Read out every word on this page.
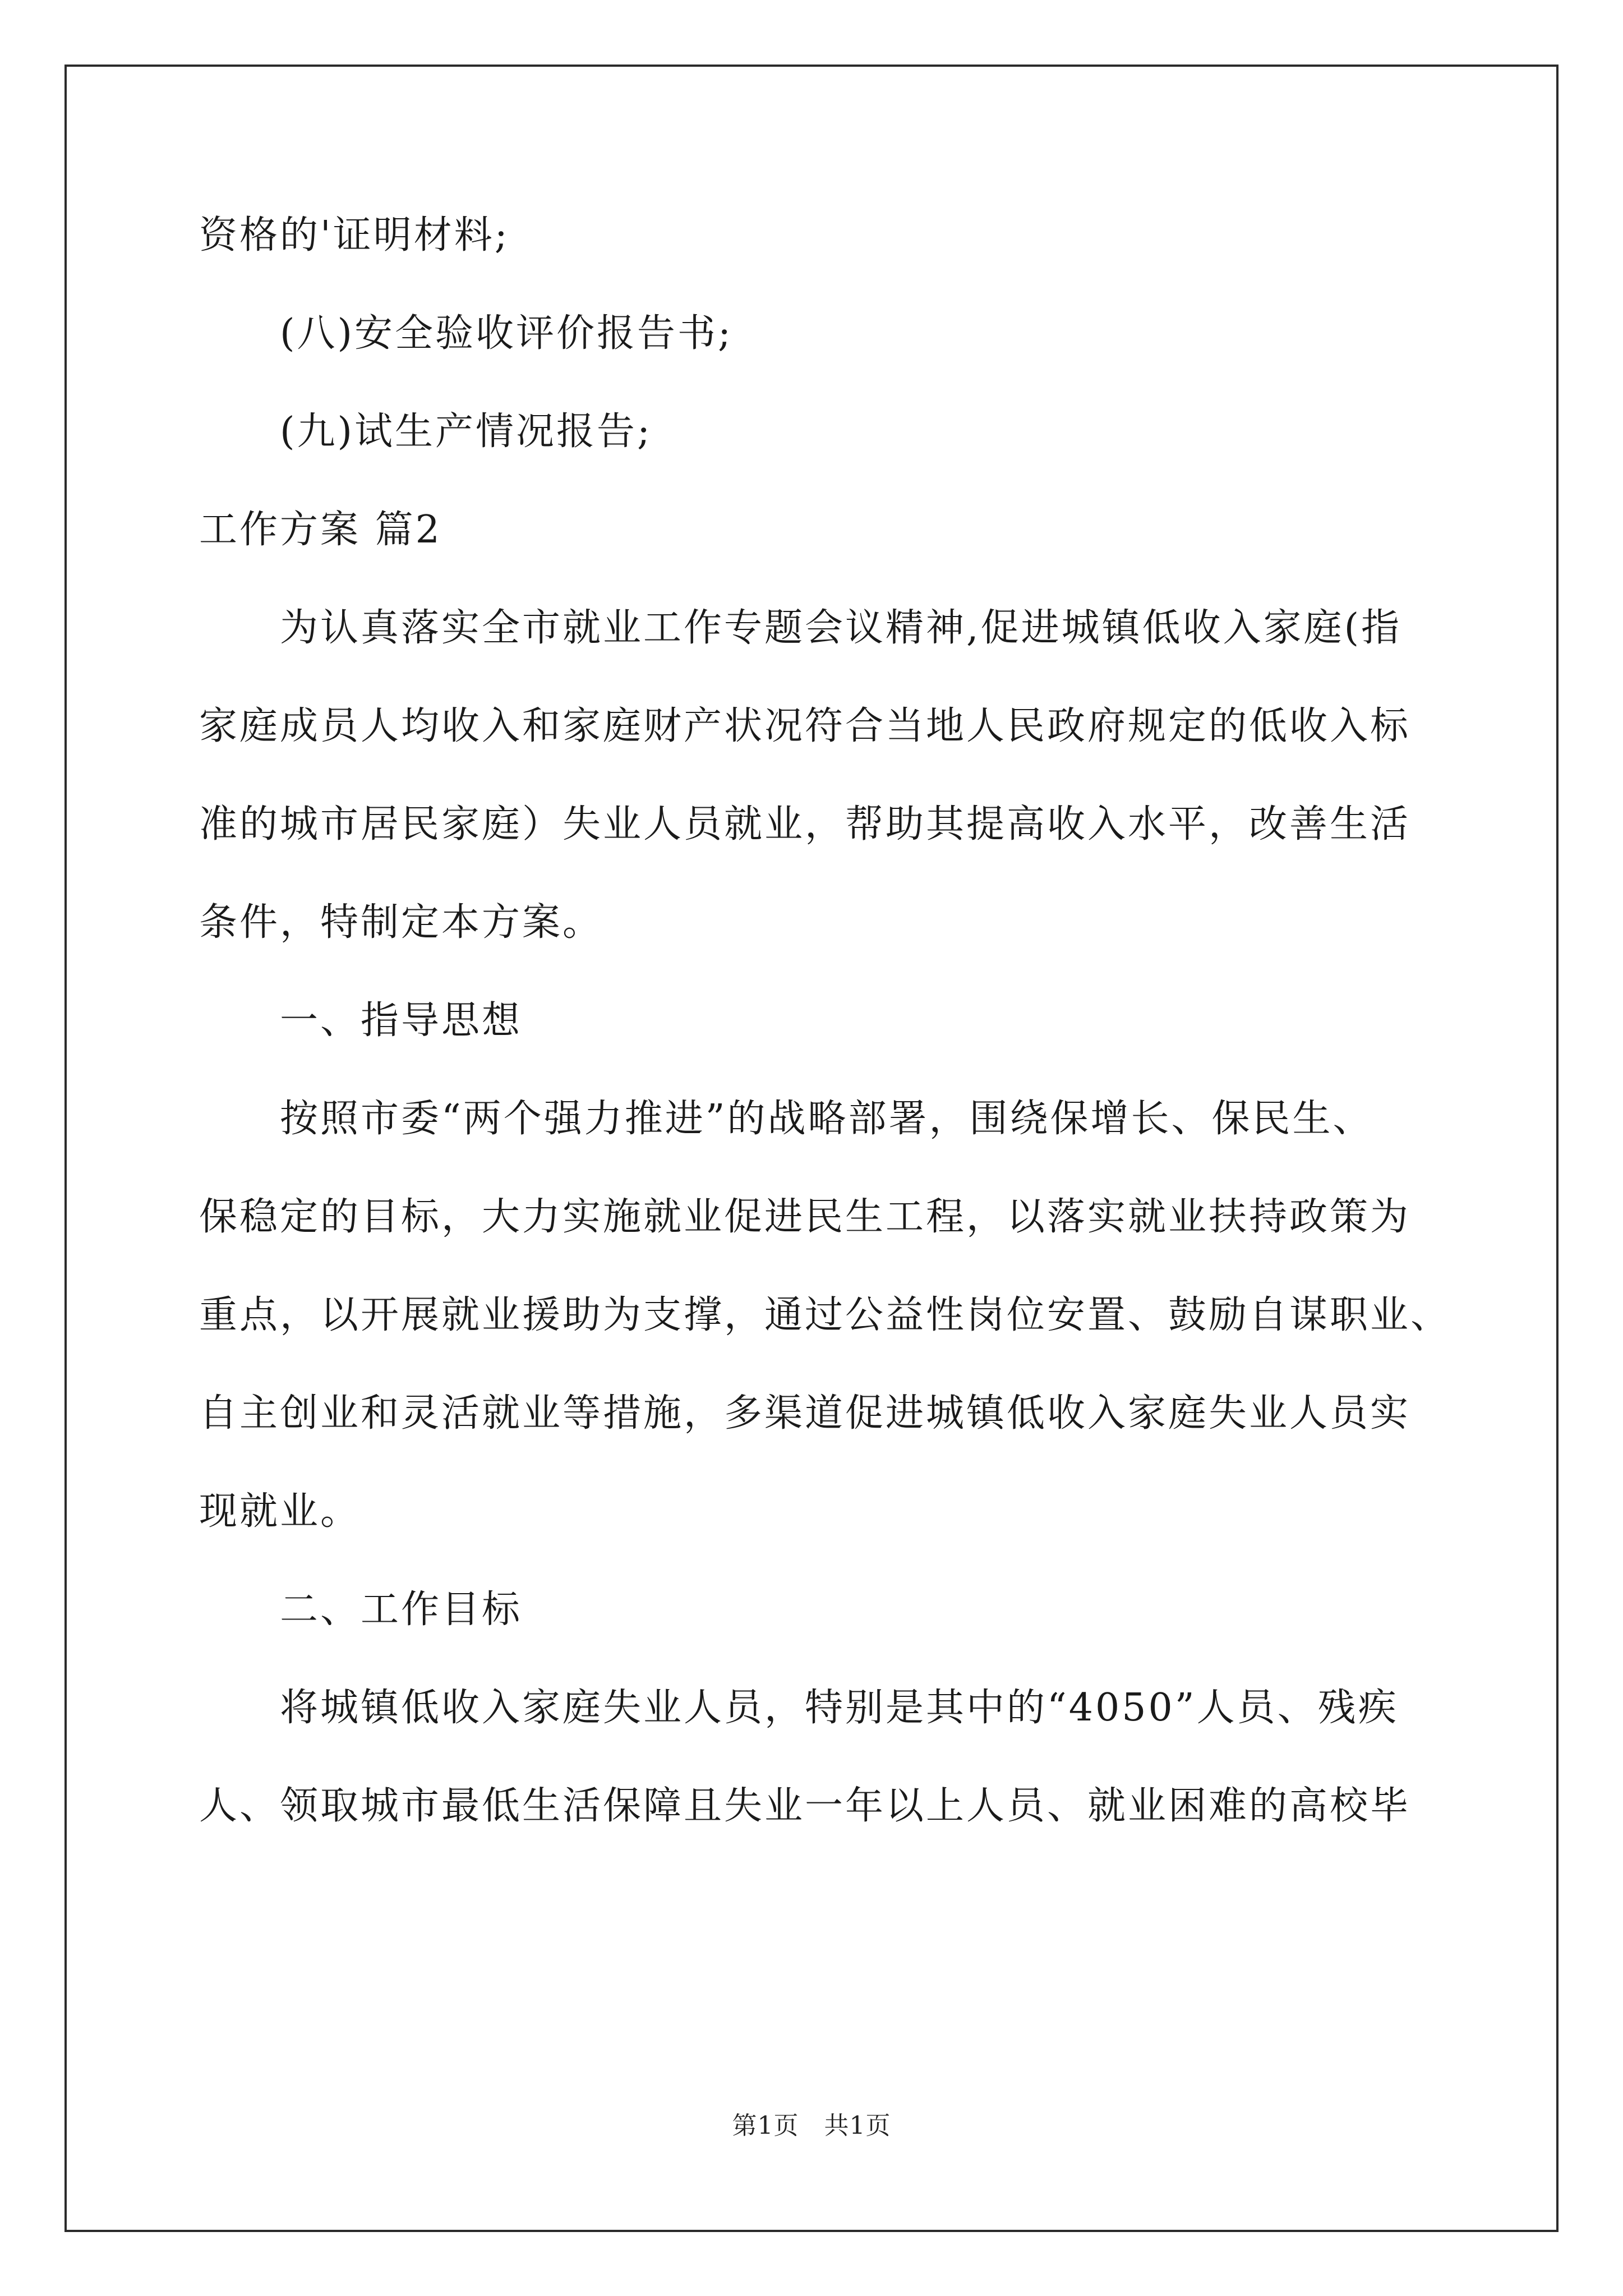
资格的'证明材料;
(八)安全验收评价报告书;
(九)试生产情况报告;
工作方案 篇2
为认真落实全市就业工作专题会议精神,促进城镇低收入家庭(指
家庭成员人均收入和家庭财产状况符合当地人民政府规定的低收入标
准的城市居民家庭）失业人员就业，帮助其提高收入水平，改善生活
条件，特制定本方案。
一、指导思想
按照市委“两个强力推进”的战略部署，围绕保增长、保民生、
保稳定的目标，大力实施就业促进民生工程，以落实就业扶持政策为
重点，以开展就业援助为支撑，通过公益性岗位安置、鼓励自谋职业、
自主创业和灵活就业等措施，多渠道促进城镇低收入家庭失业人员实
现就业。
二、工作目标
将城镇低收入家庭失业人员，特别是其中的“4050”人员、残疾
人、领取城市最低生活保障且失业一年以上人员、就业困难的高校毕
第1页　共1页
